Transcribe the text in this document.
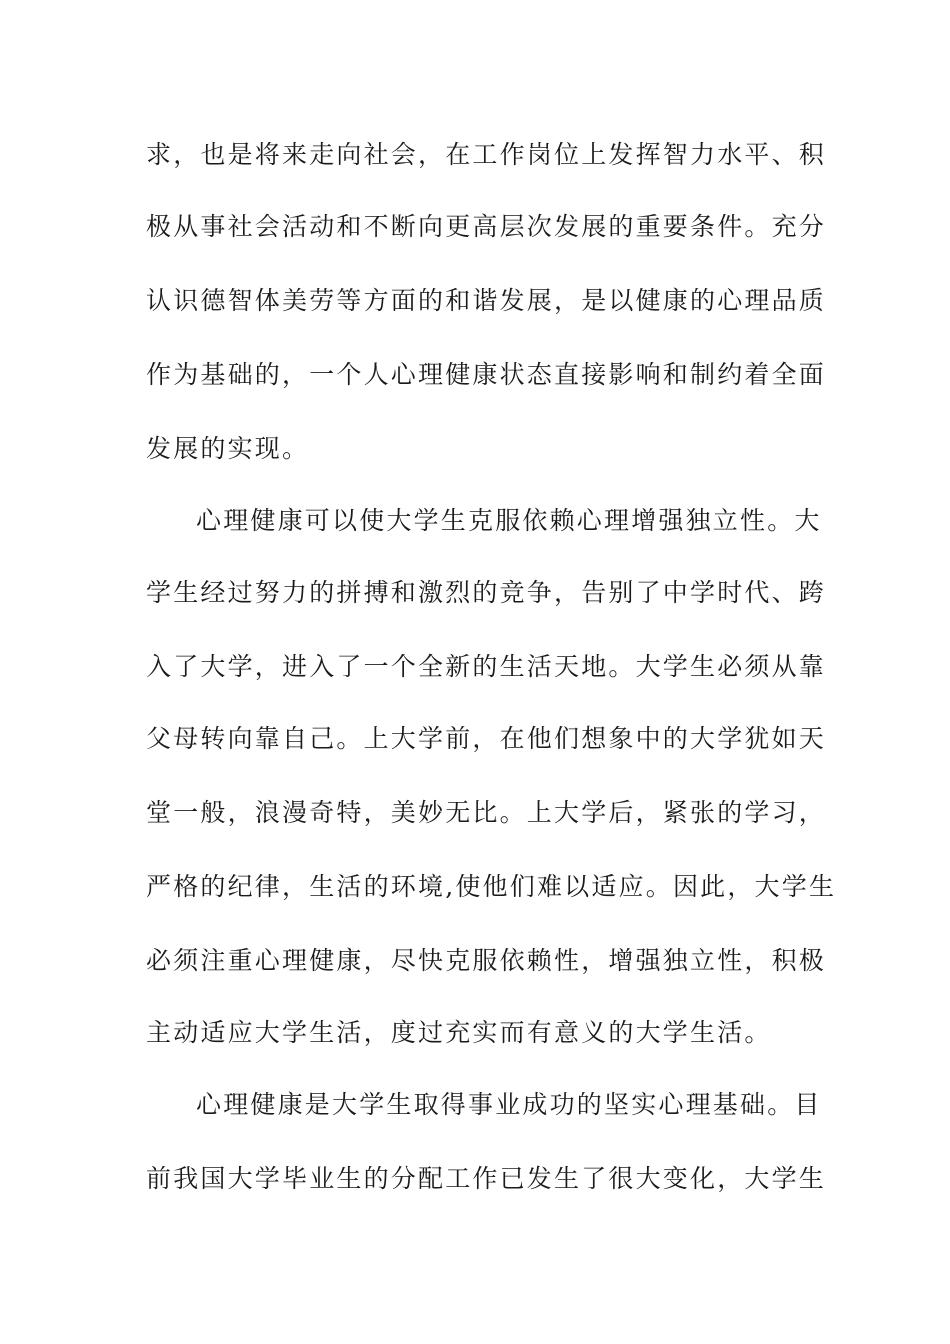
求，也是将来走向社会，在工作岗位上发挥智力水平、积
极从事社会活动和不断向更高层次发展的重要条件。充分
认识德智体美劳等方面的和谐发展，是以健康的心理品质
作为基础的，一个人心理健康状态直接影响和制约着全面
发展的实现。
心理健康可以使大学生克服依赖心理增强独立性。大
学生经过努力的拼搏和激烈的竞争，告别了中学时代、跨
入了大学，进入了一个全新的生活天地。大学生必须从靠
父母转向靠自己。上大学前，在他们想象中的大学犹如天
堂一般，浪漫奇特，美妙无比。上大学后，紧张的学习，
严格的纪律，生活的环境,使他们难以适应。因此，大学生
必须注重心理健康，尽快克服依赖性，增强独立性，积极
主动适应大学生活，度过充实而有意义的大学生活。
心理健康是大学生取得事业成功的坚实心理基础。目
前我国大学毕业生的分配工作已发生了很大变化，大学生
